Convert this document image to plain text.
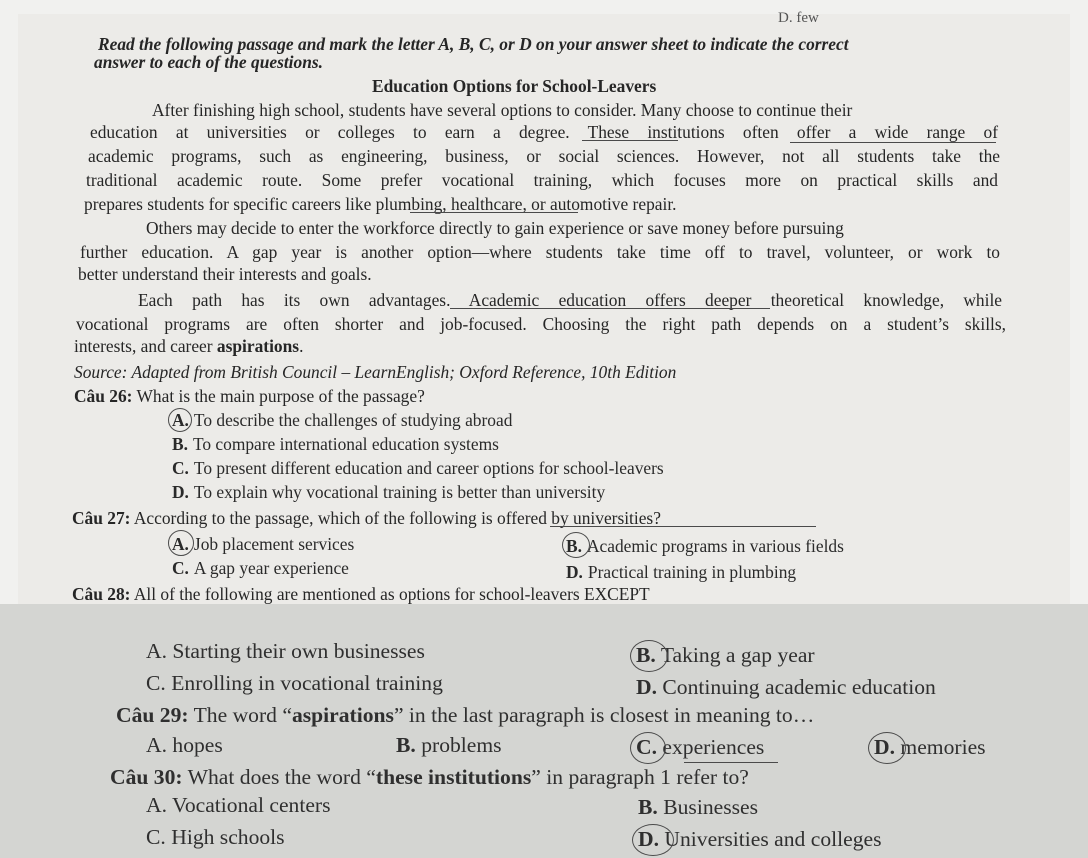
D. few
Read the following passage and mark the letter A, B, C, or D on your answer sheet to indicate the correct
answer to each of the questions.
Education Options for School-Leavers
After finishing high school, students have several options to consider. Many choose to continue their
education at universities or colleges to earn a degree. These institutions often offer a wide range of
academic programs, such as engineering, business, or social sciences. However, not all students take the
traditional academic route. Some prefer vocational training, which focuses more on practical skills and
prepares students for specific careers like plumbing, healthcare, or automotive repair.
Others may decide to enter the workforce directly to gain experience or save money before pursuing
further education. A gap year is another option—where students take time off to travel, volunteer, or work to
better understand their interests and goals.
Each path has its own advantages. Academic education offers deeper theoretical knowledge, while
vocational programs are often shorter and job-focused. Choosing the right path depends on a student’s skills,
interests, and career aspirations.
Source: Adapted from British Council – LearnEnglish; Oxford Reference, 10th Edition
Câu 26: What is the main purpose of the passage?
A. To describe the challenges of studying abroad
B. To compare international education systems
C. To present different education and career options for school-leavers
D. To explain why vocational training is better than university
Câu 27: According to the passage, which of the following is offered by universities?
A. Job placement services	B. Academic programs in various fields
C. A gap year experience	D. Practical training in plumbing
Câu 28: All of the following are mentioned as options for school-leavers EXCEPT
A. Starting their own businesses	B. Taking a gap year
C. Enrolling in vocational training	D. Continuing academic education
Câu 29: The word “aspirations” in the last paragraph is closest in meaning to…
A. hopes	B. problems	C. experiences	D. memories
Câu 30: What does the word “these institutions” in paragraph 1 refer to?
A. Vocational centers	B. Businesses
C. High schools	D. Universities and colleges
